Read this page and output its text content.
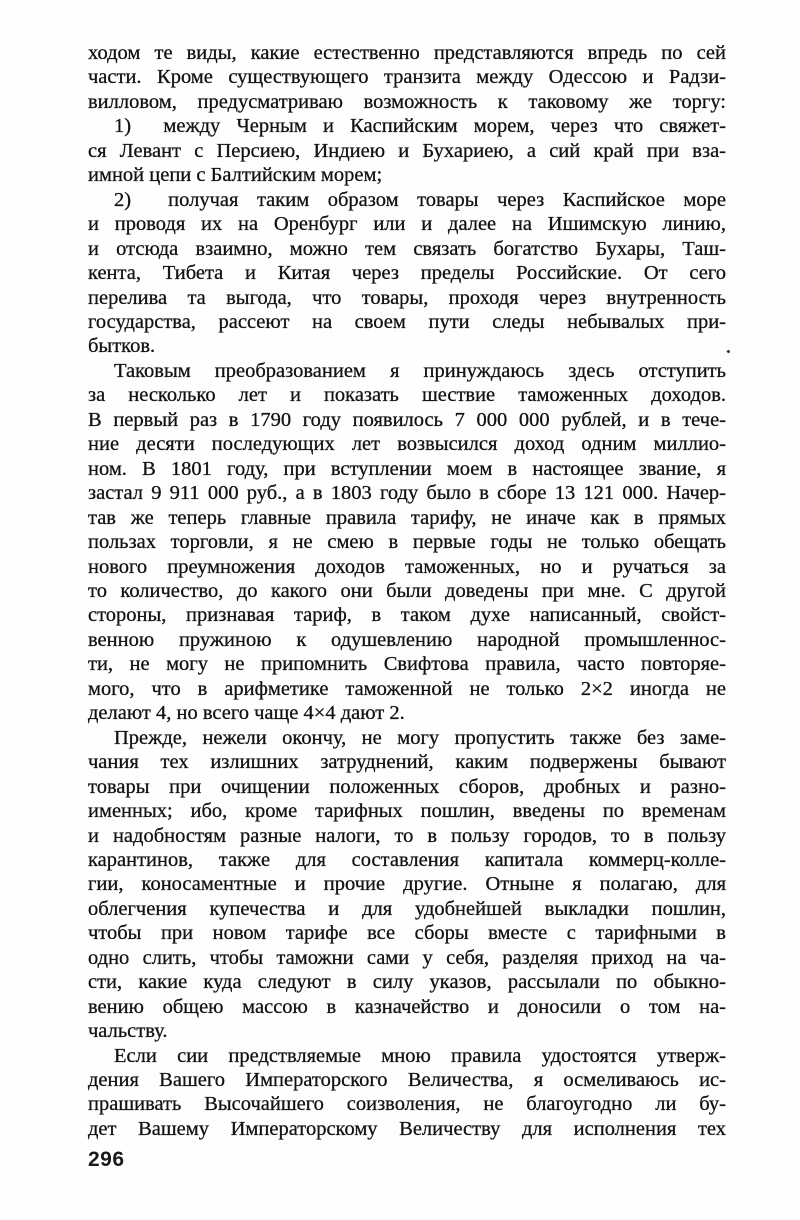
ходом те виды, какие естественно представляются впредь по сей
части. Кроме существующего транзита между Одессою и Радзи-
вилловом, предусматриваю возможность к таковому же торгу:
1)  между Черным и Каспийским морем, через что свяжет-
ся Левант с Персиею, Индиею и Бухариею, а сий край при вза-
имной цепи с Балтийским морем;
2)  получая таким образом товары через Каспийское море
и проводя их на Оренбург или и далее на Ишимскую линию,
и отсюда взаимно, можно тем связать богатство Бухары, Таш-
кента, Тибета и Китая через пределы Российские. От сего
перелива та выгода, что товары, проходя через внутренность
государства, рассеют на своем пути следы небывалых при-
бытков.
Таковым преобразованием я принуждаюсь здесь отступить
за несколько лет и показать шествие таможенных доходов.
В первый раз в 1790 году появилось 7 000 000 рублей, и в тече-
ние десяти последующих лет возвысился доход одним миллио-
ном. В 1801 году, при вступлении моем в настоящее звание, я
застал 9 911 000 руб., а в 1803 году было в сборе 13 121 000. Начер-
тав же теперь главные правила тарифу, не иначе как в прямых
пользах торговли, я не смею в первые годы не только обещать
нового преумножения доходов таможенных, но и ручаться за
то количество, до какого они были доведены при мне. С другой
стороны, признавая тариф, в таком духе написанный, свойст-
венною пружиною к одушевлению народной промышленнос-
ти, не могу не припомнить Свифтова правила, часто повторяе-
мого, что в арифметике таможенной не только 2×2 иногда не
делают 4, но всего чаще 4×4 дают 2.
Прежде, нежели окончу, не могу пропустить также без заме-
чания тех излишних затруднений, каким подвержены бывают
товары при очищении положенных сборов, дробных и разно-
именных; ибо, кроме тарифных пошлин, введены по временам
и надобностям разные налоги, то в пользу городов, то в пользу
карантинов, также для составления капитала коммерц-колле-
гии, коносаментные и прочие другие. Отныне я полагаю, для
облегчения купечества и для удобнейшей выкладки пошлин,
чтобы при новом тарифе все сборы вместе с тарифными в
одно слить, чтобы таможни сами у себя, разделяя приход на ча-
сти, какие куда следуют в силу указов, рассылали по обыкно-
вению общею массою в казначейство и доносили о том на-
чальству.
Если сии предствляемые мною правила удостоятся утверж-
дения Вашего Императорского Величества, я осмеливаюсь ис-
прашивать Высочайшего соизволения, не благоугодно ли бу-
дет Вашему Императорскому Величеству для исполнения тех
296
